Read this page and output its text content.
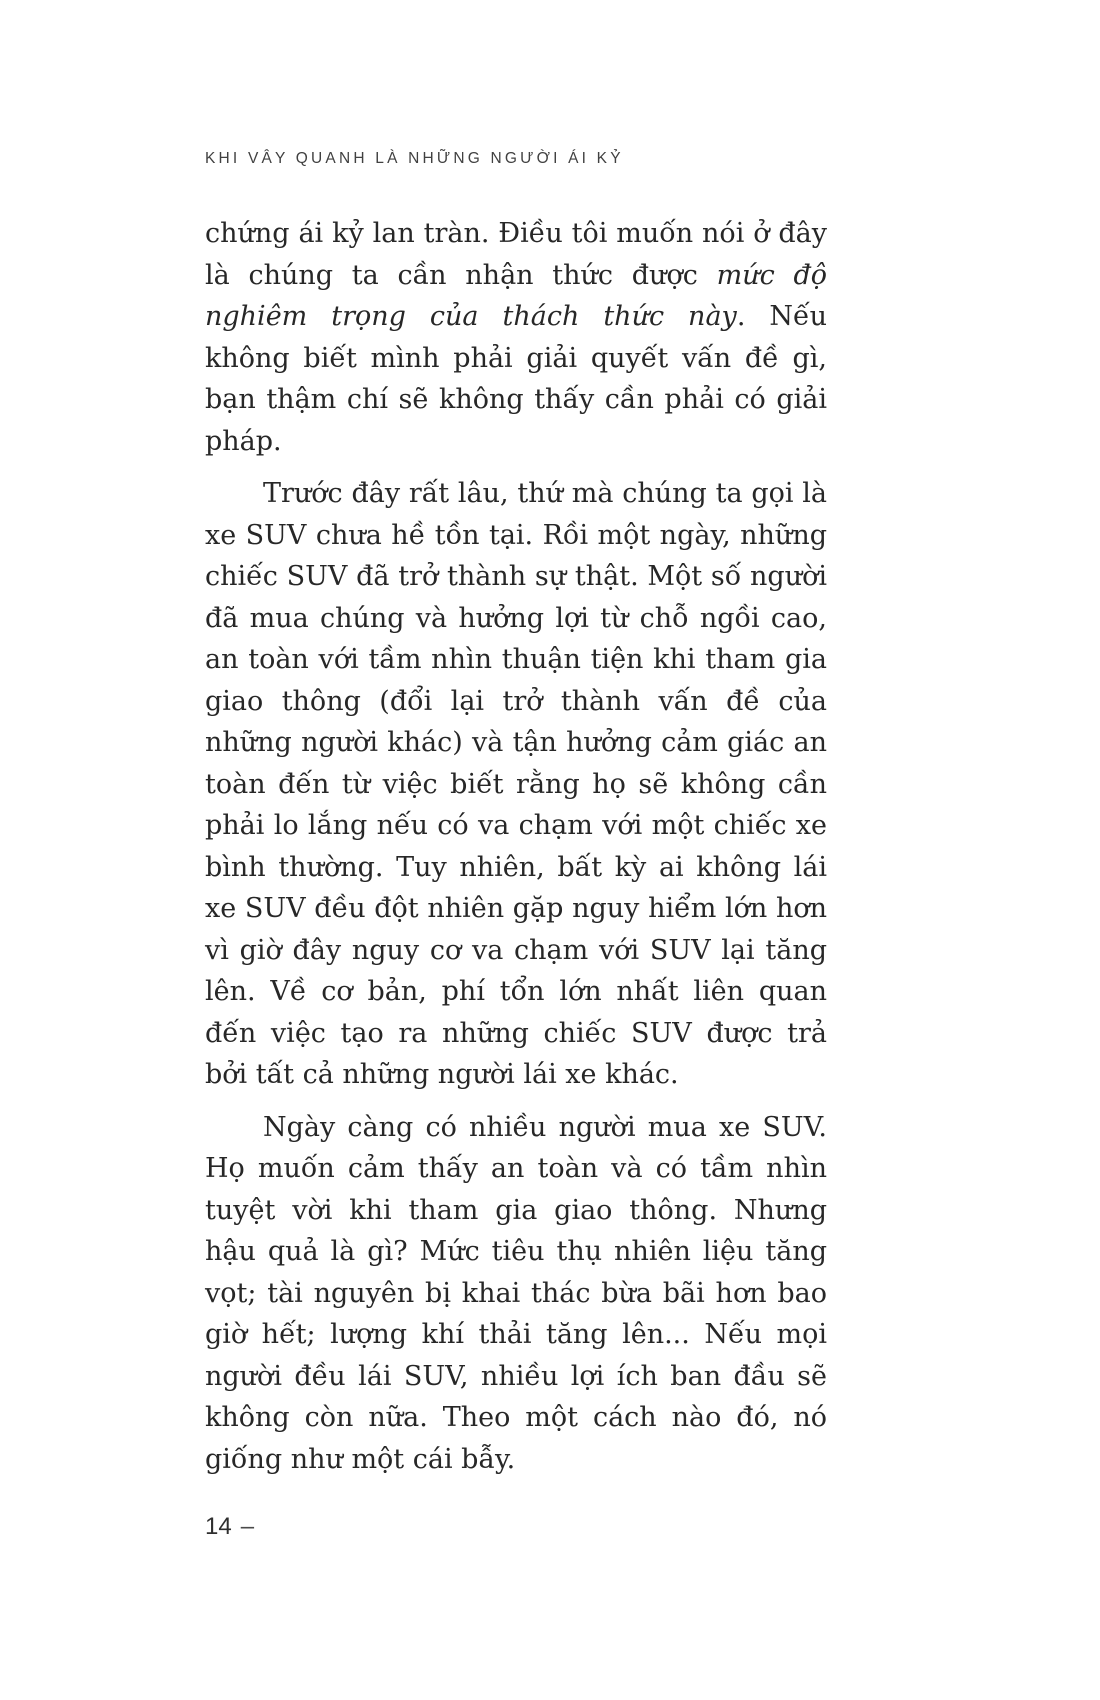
KHI VÂY QUANH LÀ NHỮNG NGƯỜI ÁI KỶ

chứng ái kỷ lan tràn. Điều tôi muốn nói ở đây là chúng ta cần nhận thức được mức độ nghiêm trọng của thách thức này. Nếu không biết mình phải giải quyết vấn đề gì, bạn thậm chí sẽ không thấy cần phải có giải pháp.

Trước đây rất lâu, thứ mà chúng ta gọi là xe SUV chưa hề tồn tại. Rồi một ngày, những chiếc SUV đã trở thành sự thật. Một số người đã mua chúng và hưởng lợi từ chỗ ngồi cao, an toàn với tầm nhìn thuận tiện khi tham gia giao thông (đổi lại trở thành vấn đề của những người khác) và tận hưởng cảm giác an toàn đến từ việc biết rằng họ sẽ không cần phải lo lắng nếu có va chạm với một chiếc xe bình thường. Tuy nhiên, bất kỳ ai không lái xe SUV đều đột nhiên gặp nguy hiểm lớn hơn vì giờ đây nguy cơ va chạm với SUV lại tăng lên. Về cơ bản, phí tổn lớn nhất liên quan đến việc tạo ra những chiếc SUV được trả bởi tất cả những người lái xe khác.

Ngày càng có nhiều người mua xe SUV. Họ muốn cảm thấy an toàn và có tầm nhìn tuyệt vời khi tham gia giao thông. Nhưng hậu quả là gì? Mức tiêu thụ nhiên liệu tăng vọt; tài nguyên bị khai thác bừa bãi hơn bao giờ hết; lượng khí thải tăng lên... Nếu mọi người đều lái SUV, nhiều lợi ích ban đầu sẽ không còn nữa. Theo một cách nào đó, nó giống như một cái bẫy.

14 –
